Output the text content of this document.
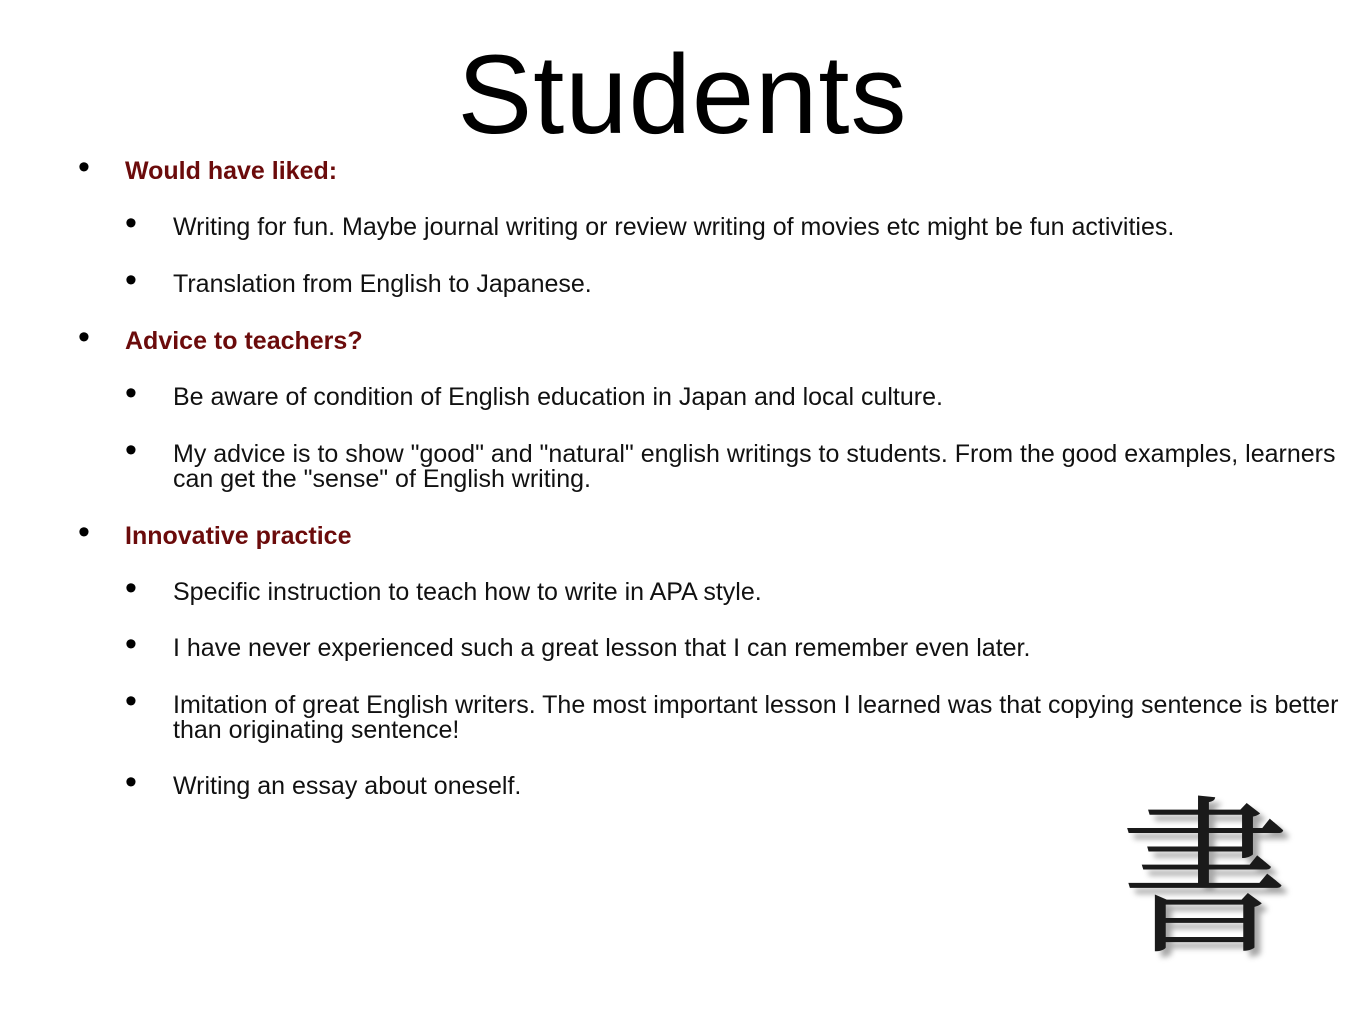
Students
• Would have liked:
• Writing for fun. Maybe journal writing or review writing of movies etc might be fun activities.
• Translation from English to Japanese.
• Advice to teachers?
• Be aware of condition of English education in Japan and local culture.
• My advice is to show "good" and "natural" english writings to students. From the good examples, learners can get the "sense" of English writing.
• Innovative practice
• Specific instruction to teach how to write in APA style.
• I have never experienced such a great lesson that I can remember even later.
• Imitation of great English writers. The most important lesson I learned was that copying sentence is better than originating sentence!
• Writing an essay about oneself.	書
